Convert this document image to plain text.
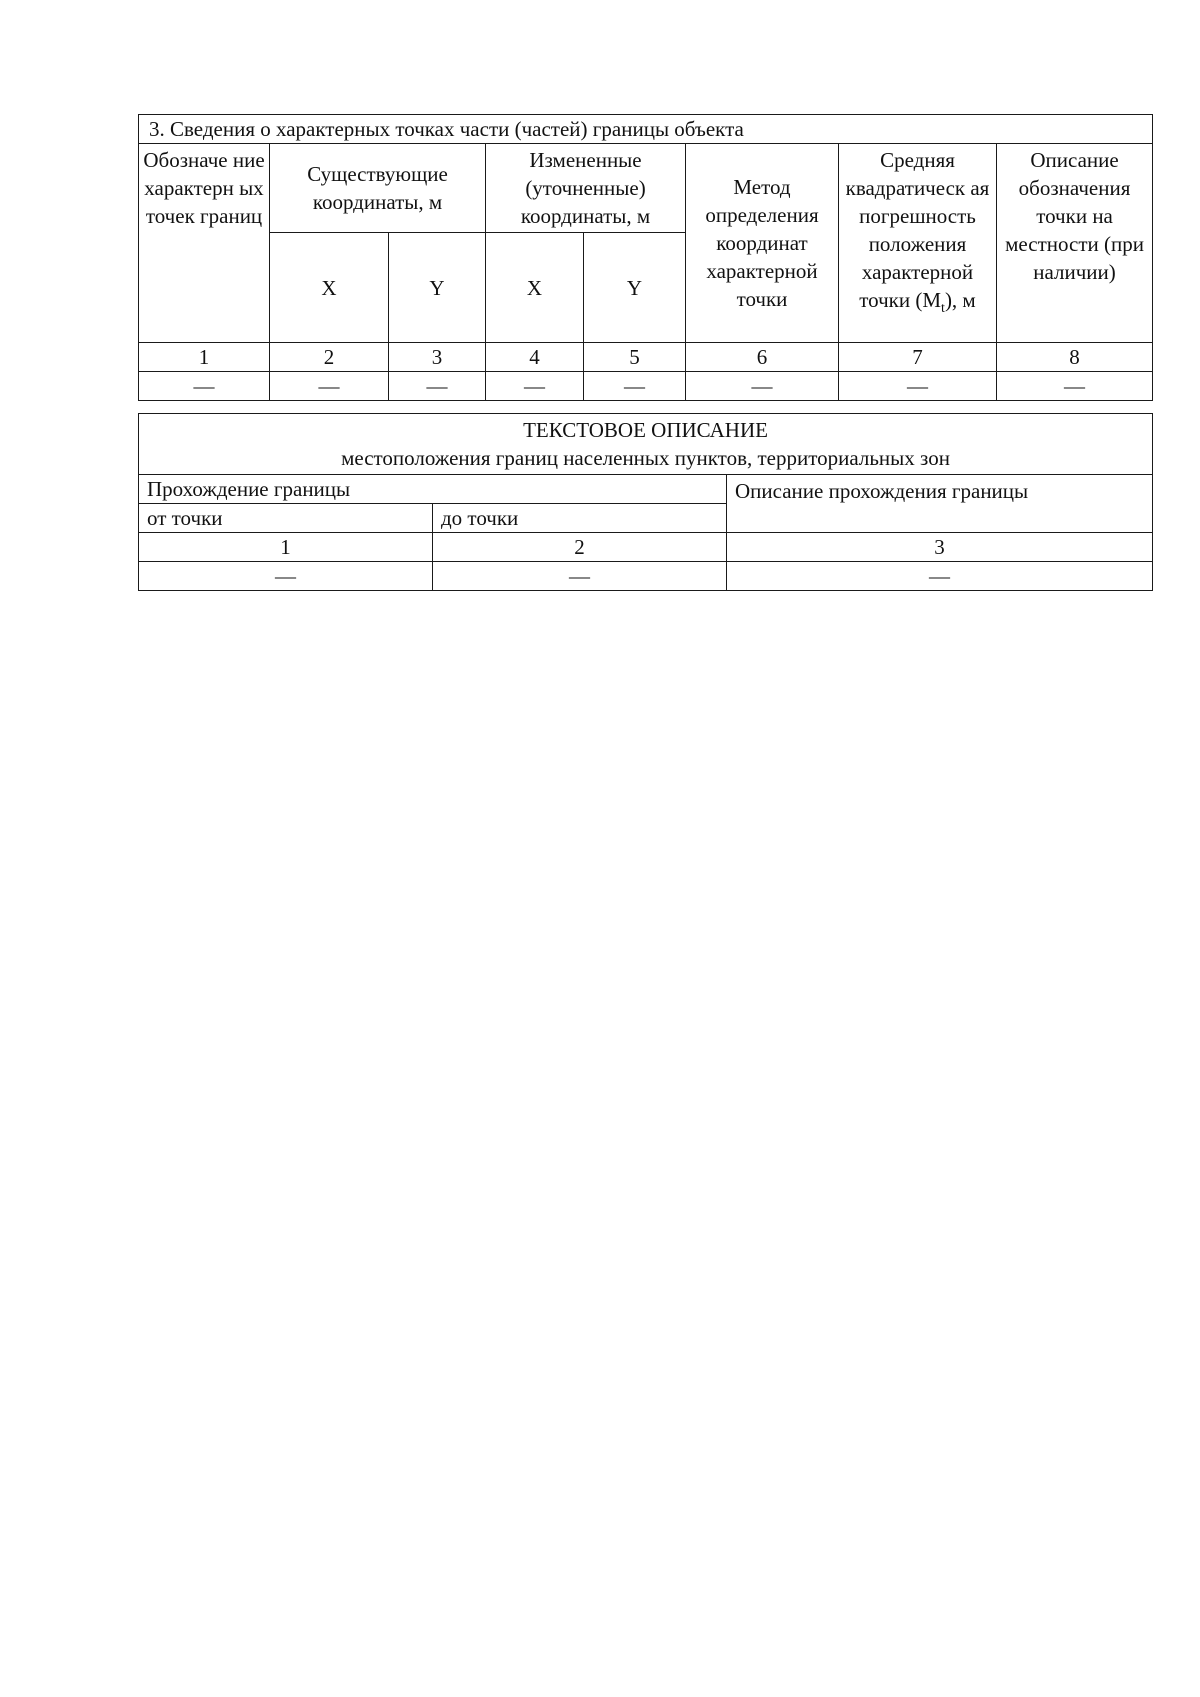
3. Сведения о характерных точках части (частей) границы объекта							
Обозначе ние характерн ых точек границ	Существующие координаты, м		Измененные (уточненные) координаты, м		Метод определения координат характерной точки	Средняя квадратическ ая погрешность положения характерной точки $(M_t)$, м	Описание обозначения точки на местности (при наличии)
	X	Y	X	Y			
1	2	3	4	5	6	7	8
—	—	—	—	—	—	—	—
ТЕКСТОВОЕ ОПИСАНИЕ
местоположения границ населенных пунктов, территориальных зон		

Прохождение границы		Описание прохождения границы
от точки	до точки	
1	2	3
—	—	—
